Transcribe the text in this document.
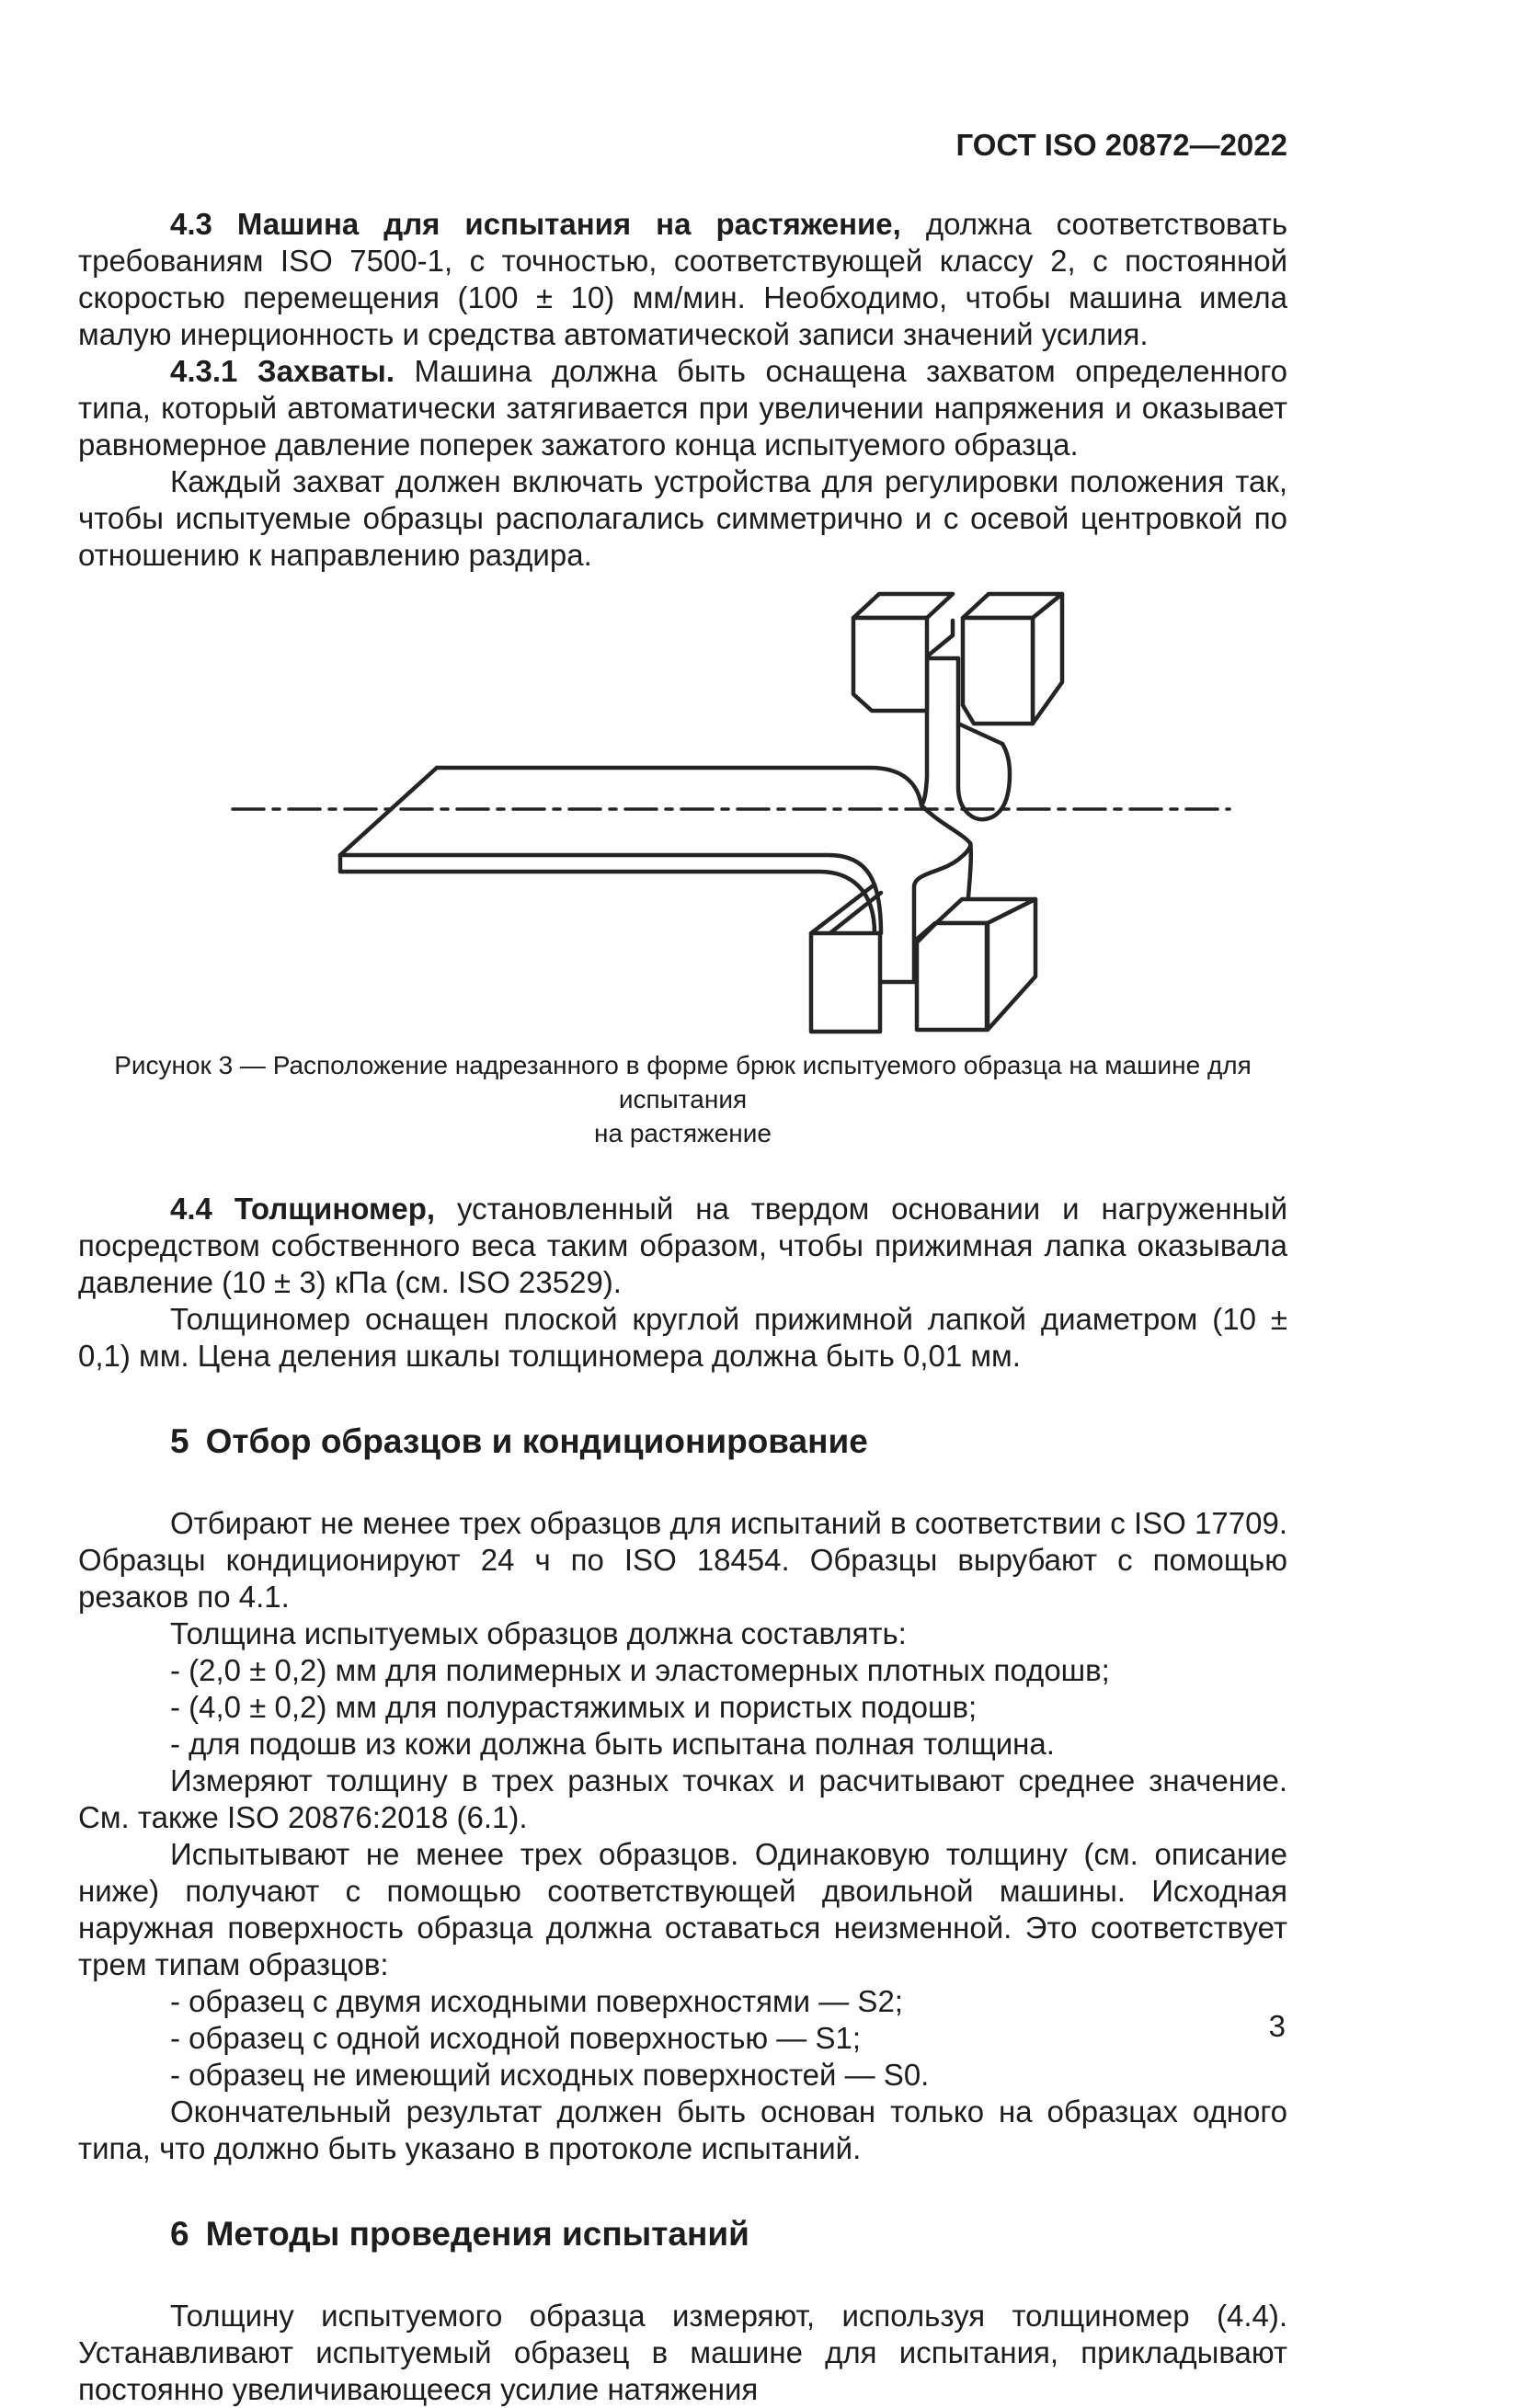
ГОСТ ISO 20872—2022

4.3 Машина для испытания на растяжение, должна соответствовать требованиям ISO 7500-1, с точностью, соответствующей классу 2, с постоянной скоростью перемещения (100 ± 10) мм/мин. Необходимо, чтобы машина имела малую инерционность и средства автоматической записи значений усилия.

4.3.1 Захваты. Машина должна быть оснащена захватом определенного типа, который автоматически затягивается при увеличении напряжения и оказывает равномерное давление поперек зажатого конца испытуемого образца.

Каждый захват должен включать устройства для регулировки положения так, чтобы испытуемые образцы располагались симметрично и с осевой центровкой по отношению к направлению раздира.

Рисунок 3 — Расположение надрезанного в форме брюк испытуемого образца на машине для испытания
на растяжение

4.4 Толщиномер, установленный на твердом основании и нагруженный посредством собственного веса таким образом, чтобы прижимная лапка оказывала давление (10 ± 3) кПа (см. ISO 23529).

Толщиномер оснащен плоской круглой прижимной лапкой диаметром (10 ± 0,1) мм. Цена деления шкалы толщиномера должна быть 0,01 мм.

5 Отбор образцов и кондиционирование

Отбирают не менее трех образцов для испытаний в соответствии с ISO 17709. Образцы кондиционируют 24 ч по ISO 18454. Образцы вырубают с помощью резаков по 4.1.

Толщина испытуемых образцов должна составлять:

- (2,0 ± 0,2) мм для полимерных и эластомерных плотных подошв;

- (4,0 ± 0,2) мм для полурастяжимых и пористых подошв;

- для подошв из кожи должна быть испытана полная толщина.

Измеряют толщину в трех разных точках и расчитывают среднее значение. См. также ISO 20876:2018 (6.1).

Испытывают не менее трех образцов. Одинаковую толщину (см. описание ниже) получают с помощью соответствующей двоильной машины. Исходная наружная поверхность образца должна оставаться неизменной. Это соответствует трем типам образцов:

- образец с двумя исходными поверхностями — S2;

- образец с одной исходной поверхностью — S1;

- образец не имеющий исходных поверхностей — S0.

Окончательный результат должен быть основан только на образцах одного типа, что должно быть указано в протоколе испытаний.

6 Методы проведения испытаний

Толщину испытуемого образца измеряют, используя толщиномер (4.4). Устанавливают испытуемый образец в машине для испытания, прикладывают постоянно увеличивающееся усилие натяжения

3
